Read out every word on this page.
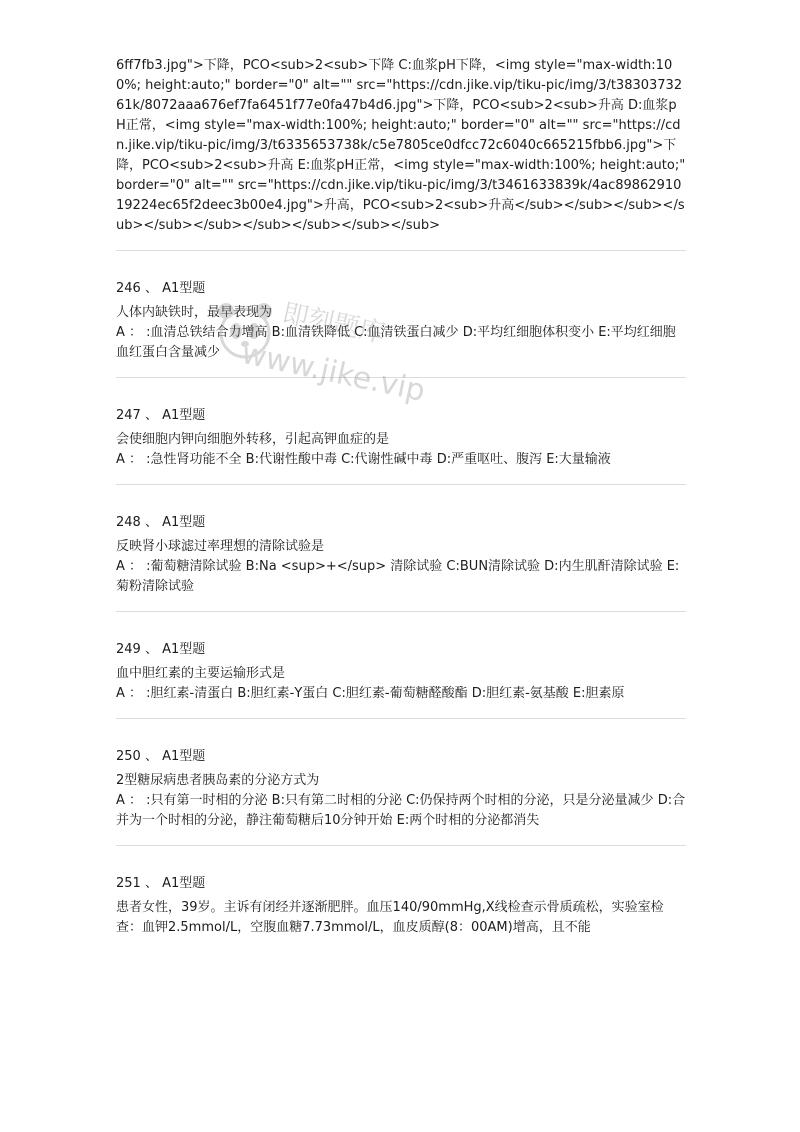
6ff7fb3.jpg">下降，PCO<sub>2<sub>下降 C:血浆pH下降，<img style="max-width:100%; height:auto;" border="0" alt="" src="https://cdn.jike.vip/tiku-pic/img/3/t3830373261k/8072aaa676ef7fa6451f77e0fa47b4d6.jpg">下降，PCO<sub>2<sub>升高 D:血浆pH正常，<img style="max-width:100%; height:auto;" border="0" alt="" src="https://cdn.jike.vip/tiku-pic/img/3/t6335653738k/c5e7805ce0dfcc72c6040c665215fbb6.jpg">下降，PCO<sub>2<sub>升高 E:血浆pH正常，<img style="max-width:100%; height:auto;" border="0" alt="" src="https://cdn.jike.vip/tiku-pic/img/3/t3461633839k/4ac8986291019224ec65f2deec3b00e4.jpg">升高，PCO<sub>2<sub>升高</sub></sub></sub></sub></sub></sub></sub></sub></sub></sub>

246 、 A1型题
人体内缺铁时，最早表现为
A ： :血清总铁结合力增高 B:血清铁降低 C:血清铁蛋白减少 D:平均红细胞体积变小 E:平均红细胞血红蛋白含量减少
247 、 A1型题
会使细胞内钾向细胞外转移，引起高钾血症的是
A ： :急性肾功能不全 B:代谢性酸中毒 C:代谢性碱中毒 D:严重呕吐、腹泻 E:大量输液
248 、 A1型题
反映肾小球滤过率理想的清除试验是
A ： :葡萄糖清除试验 B:Na <sup>+</sup> 清除试验 C:BUN清除试验 D:内生肌酐清除试验 E:菊粉清除试验
249 、 A1型题
血中胆红素的主要运输形式是
A ： :胆红素-清蛋白 B:胆红素-Y蛋白 C:胆红素-葡萄糖醛酸酯 D:胆红素-氨基酸 E:胆素原
250 、 A1型题
2型糖尿病患者胰岛素的分泌方式为
A ： :只有第一时相的分泌 B:只有第二时相的分泌 C:仍保持两个时相的分泌，只是分泌量减少 D:合并为一个时相的分泌，静注葡萄糖后10分钟开始 E:两个时相的分泌都消失
251 、 A1型题
患者女性，39岁。主诉有闭经并逐渐肥胖。血压140/90mmHg,X线检查示骨质疏松，实验室检查：血钾2.5mmol/L，空腹血糖7.73mmol/L，血皮质醇(8：00AM)增高，且不能
即刻题库
www.jike.vip
